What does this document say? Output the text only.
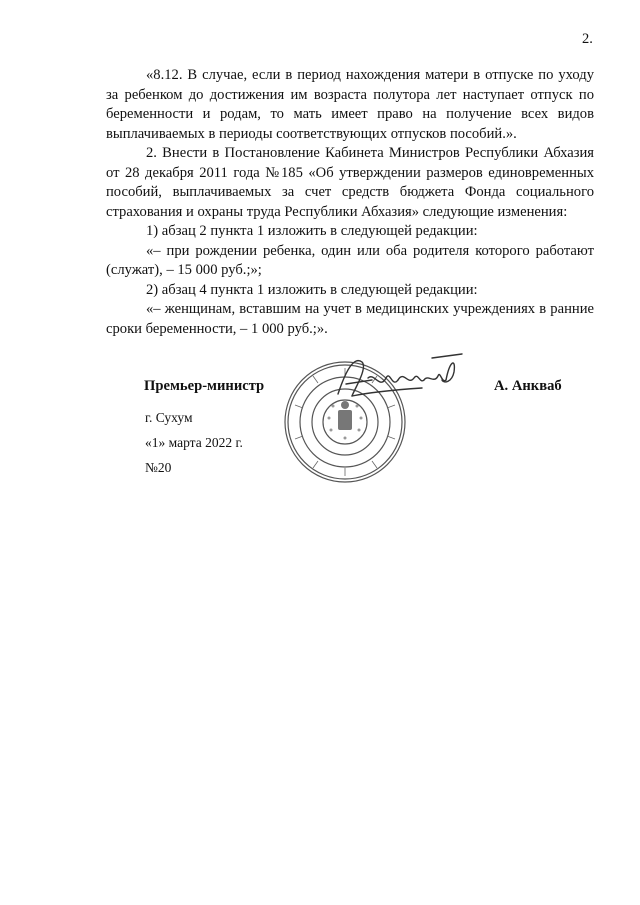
2.

«8.12. В случае, если в период нахождения матери в отпуске по уходу за ребенком до достижения им возраста полутора лет наступает отпуск по беременности и родам, то мать имеет право на получение всех видов выплачиваемых в периоды соответствующих отпусков пособий.».

2. Внести в Постановление Кабинета Министров Республики Абхазия от 28 декабря 2011 года №185 «Об утверждении размеров единовременных пособий, выплачиваемых за счет средств бюджета Фонда социального страхования и охраны труда Республики Абхазия» следующие изменения:

1) абзац 2 пункта 1 изложить в следующей редакции:

«– при рождении ребенка, один или оба родителя которого работают (служат), – 15 000 руб.;»;

2) абзац 4 пункта 1 изложить в следующей редакции:

«– женщинам, вставшим на учет в медицинских учреждениях в ранние сроки беременности, – 1 000 руб.;».

Премьер-министр	А. Анкваб
г. Сухум
«1» марта 2022 г.
№20
